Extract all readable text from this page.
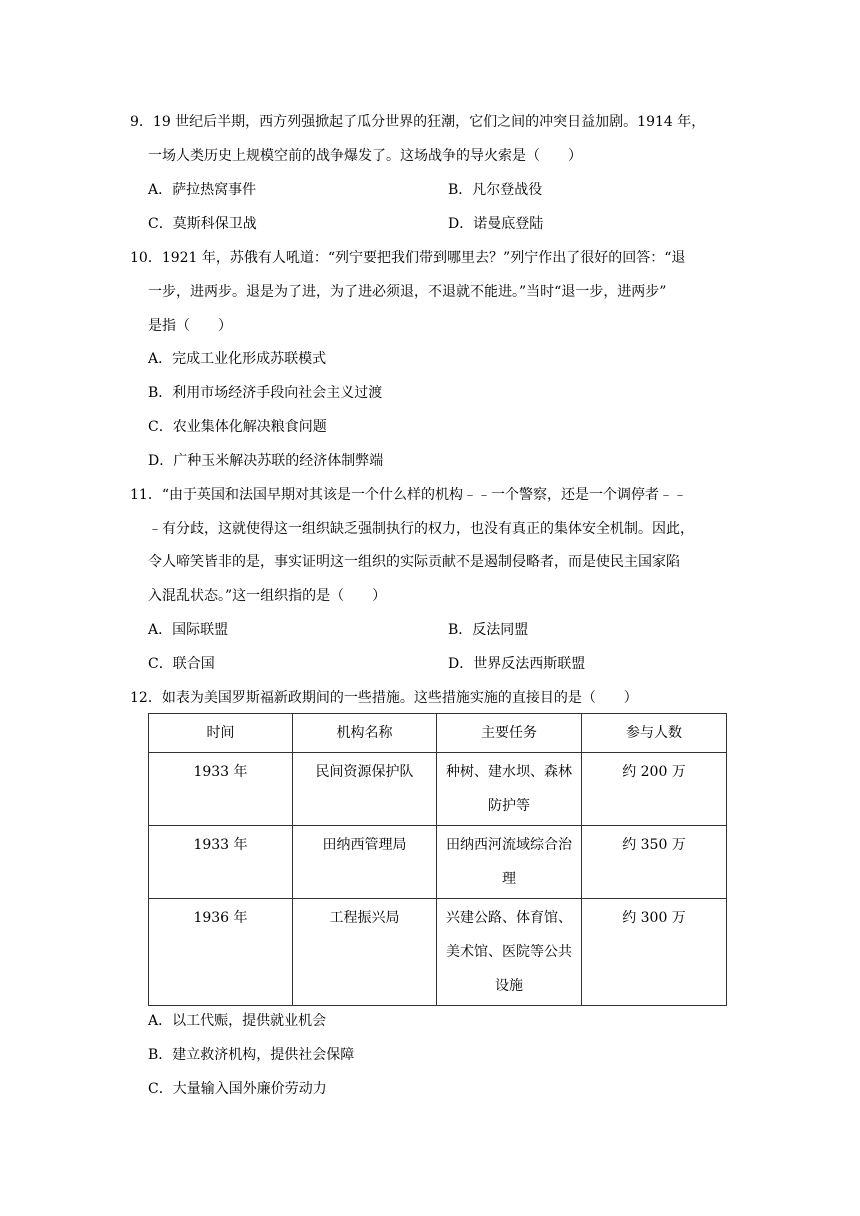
9．19 世纪后半期，西方列强掀起了瓜分世界的狂潮，它们之间的冲突日益加剧。1914 年，
一场人类历史上规模空前的战争爆发了。这场战争的导火索是（　　）
A．萨拉热窝事件	B．凡尔登战役
C．莫斯科保卫战	D．诺曼底登陆
10．1921 年，苏俄有人吼道：“列宁要把我们带到哪里去？”列宁作出了很好的回答：“退
一步，进两步。退是为了进，为了进必须退，不退就不能进。”当时“退一步，进两步”
是指（　　）
A．完成工业化形成苏联模式
B．利用市场经济手段向社会主义过渡
C．农业集体化解决粮食问题
D．广种玉米解决苏联的经济体制弊端
11．“由于英国和法国早期对其该是一个什么样的机构﹣﹣一个警察，还是一个调停者﹣﹣
﹣有分歧，这就使得这一组织缺乏强制执行的权力，也没有真正的集体安全机制。因此，
令人啼笑皆非的是，事实证明这一组织的实际贡献不是遏制侵略者，而是使民主国家陷
入混乱状态。”这一组织指的是（　　）
A．国际联盟	B．反法同盟
C．联合国	D．世界反法西斯联盟
12．如表为美国罗斯福新政期间的一些措施。这些措施实施的直接目的是（　　）
时间	机构名称	主要任务	参与人数
1933 年	民间资源保护队	种树、建水坝、森林防护等	约 200 万
1933 年	田纳西管理局	田纳西河流域综合治理	约 350 万
1936 年	工程振兴局	兴建公路、体育馆、美术馆、医院等公共设施	约 300 万
A．以工代赈，提供就业机会
B．建立救济机构，提供社会保障
C．大量输入国外廉价劳动力
